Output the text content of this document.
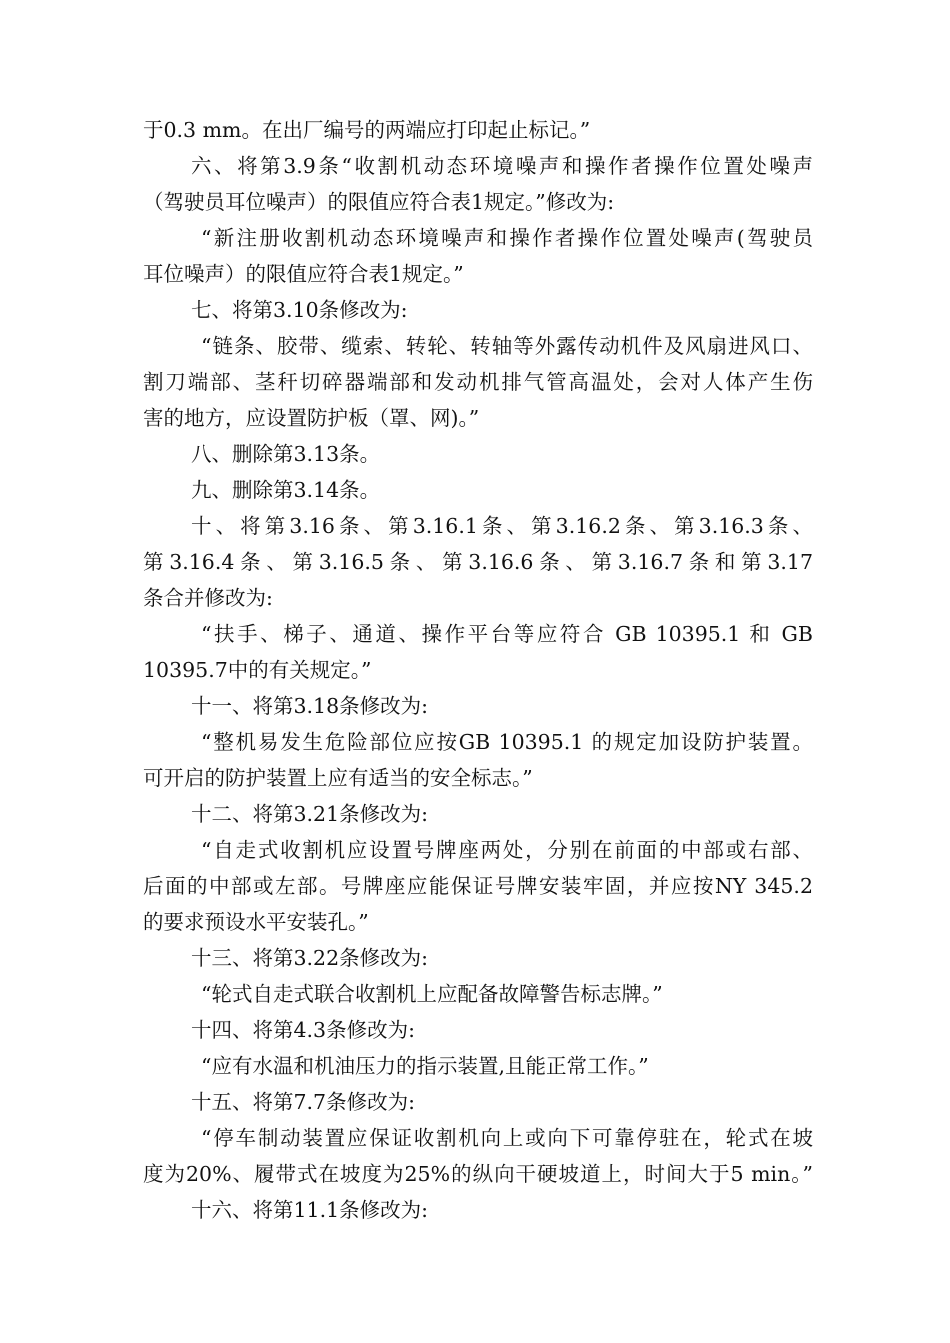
于0.3 mm。在出厂编号的两端应打印起止标记。”

六、将第3.9条“收割机动态环境噪声和操作者操作位置处噪声

（驾驶员耳位噪声）的限值应符合表1规定。”修改为:

“新注册收割机动态环境噪声和操作者操作位置处噪声(驾驶员

耳位噪声）的限值应符合表1规定。”

七、将第3.10条修改为:

“链条、胶带、缆索、转轮、转轴等外露传动机件及风扇进风口、

割刀端部、茎秆切碎器端部和发动机排气管高温处，会对人体产生伤

害的地方，应设置防护板（罩、网)。”

八、删除第3.13条。

九、删除第3.14条。

十、将第3.16条、第3.16.1条、第3.16.2条、第3.16.3条、

第3.16.4条、第3.16.5条、第3.16.6条、第3.16.7条和第3.17

条合并修改为:

“扶手、梯子、通道、操作平台等应符合 GB 10395.1 和 GB

10395.7中的有关规定。”

十一、将第3.18条修改为:

“整机易发生危险部位应按GB 10395.1 的规定加设防护装置。

可开启的防护装置上应有适当的安全标志。”

十二、将第3.21条修改为:

“自走式收割机应设置号牌座两处，分别在前面的中部或右部、

后面的中部或左部。号牌座应能保证号牌安装牢固，并应按NY 345.2

的要求预设水平安装孔。”

十三、将第3.22条修改为:

“轮式自走式联合收割机上应配备故障警告标志牌。”

十四、将第4.3条修改为:

“应有水温和机油压力的指示装置,且能正常工作。”

十五、将第7.7条修改为:

“停车制动装置应保证收割机向上或向下可靠停驻在，轮式在坡

度为20%、履带式在坡度为25%的纵向干硬坡道上，时间大于5 min。”

十六、将第11.1条修改为:
